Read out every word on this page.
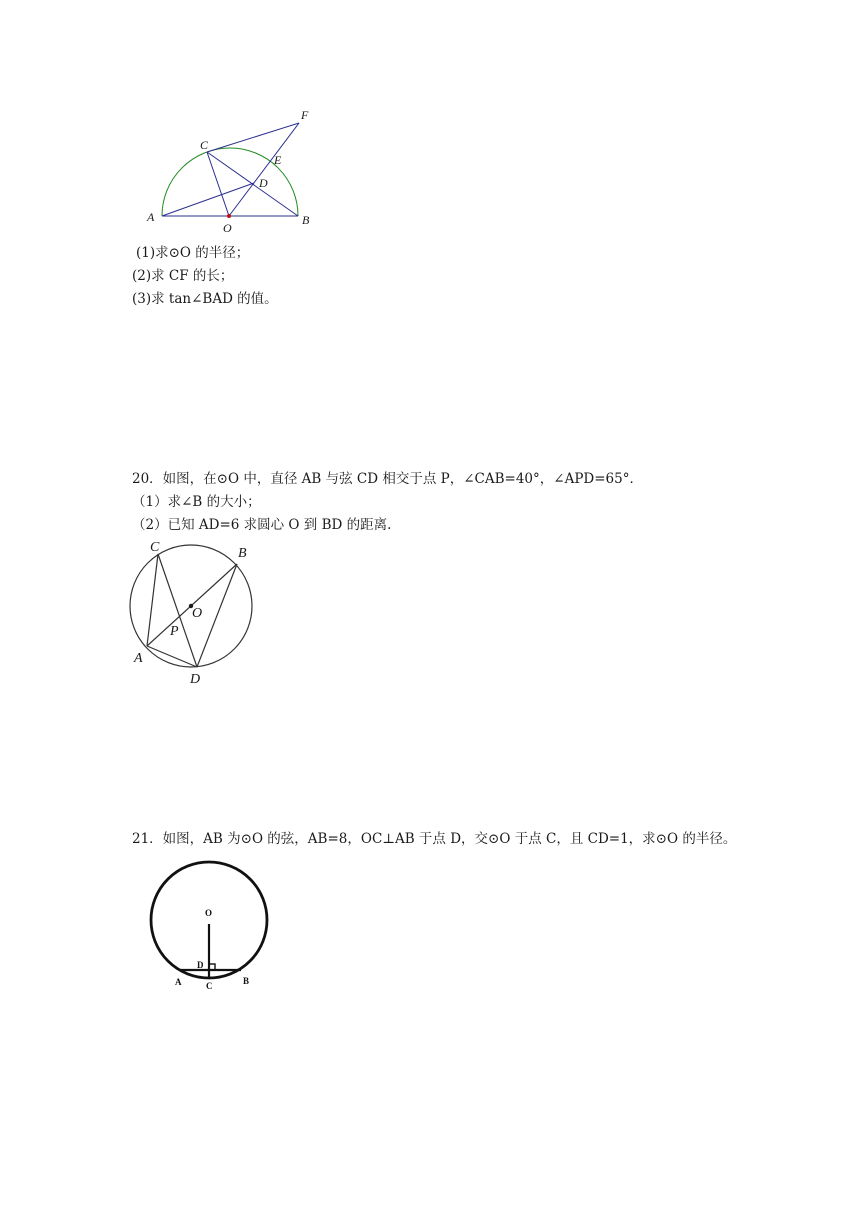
C
F
E
D
A
O
B
(1)求⊙O 的半径；
(2)求 CF 的长；
(3)求 tan∠BAD 的值。
20．如图，在⊙O 中，直径 AB 与弦 CD 相交于点 P，∠CAB=40°，∠APD=65°．
（1）求∠B 的大小；
（2）已知 AD=6 求圆心 O 到 BD 的距离.
C	B
O
P
A
D
21．如图，AB 为⊙O 的弦，AB=8，OC⊥AB 于点 D，交⊙O 于点 C，且 CD=1，求⊙O 的半径。
O
D
A	C	B
